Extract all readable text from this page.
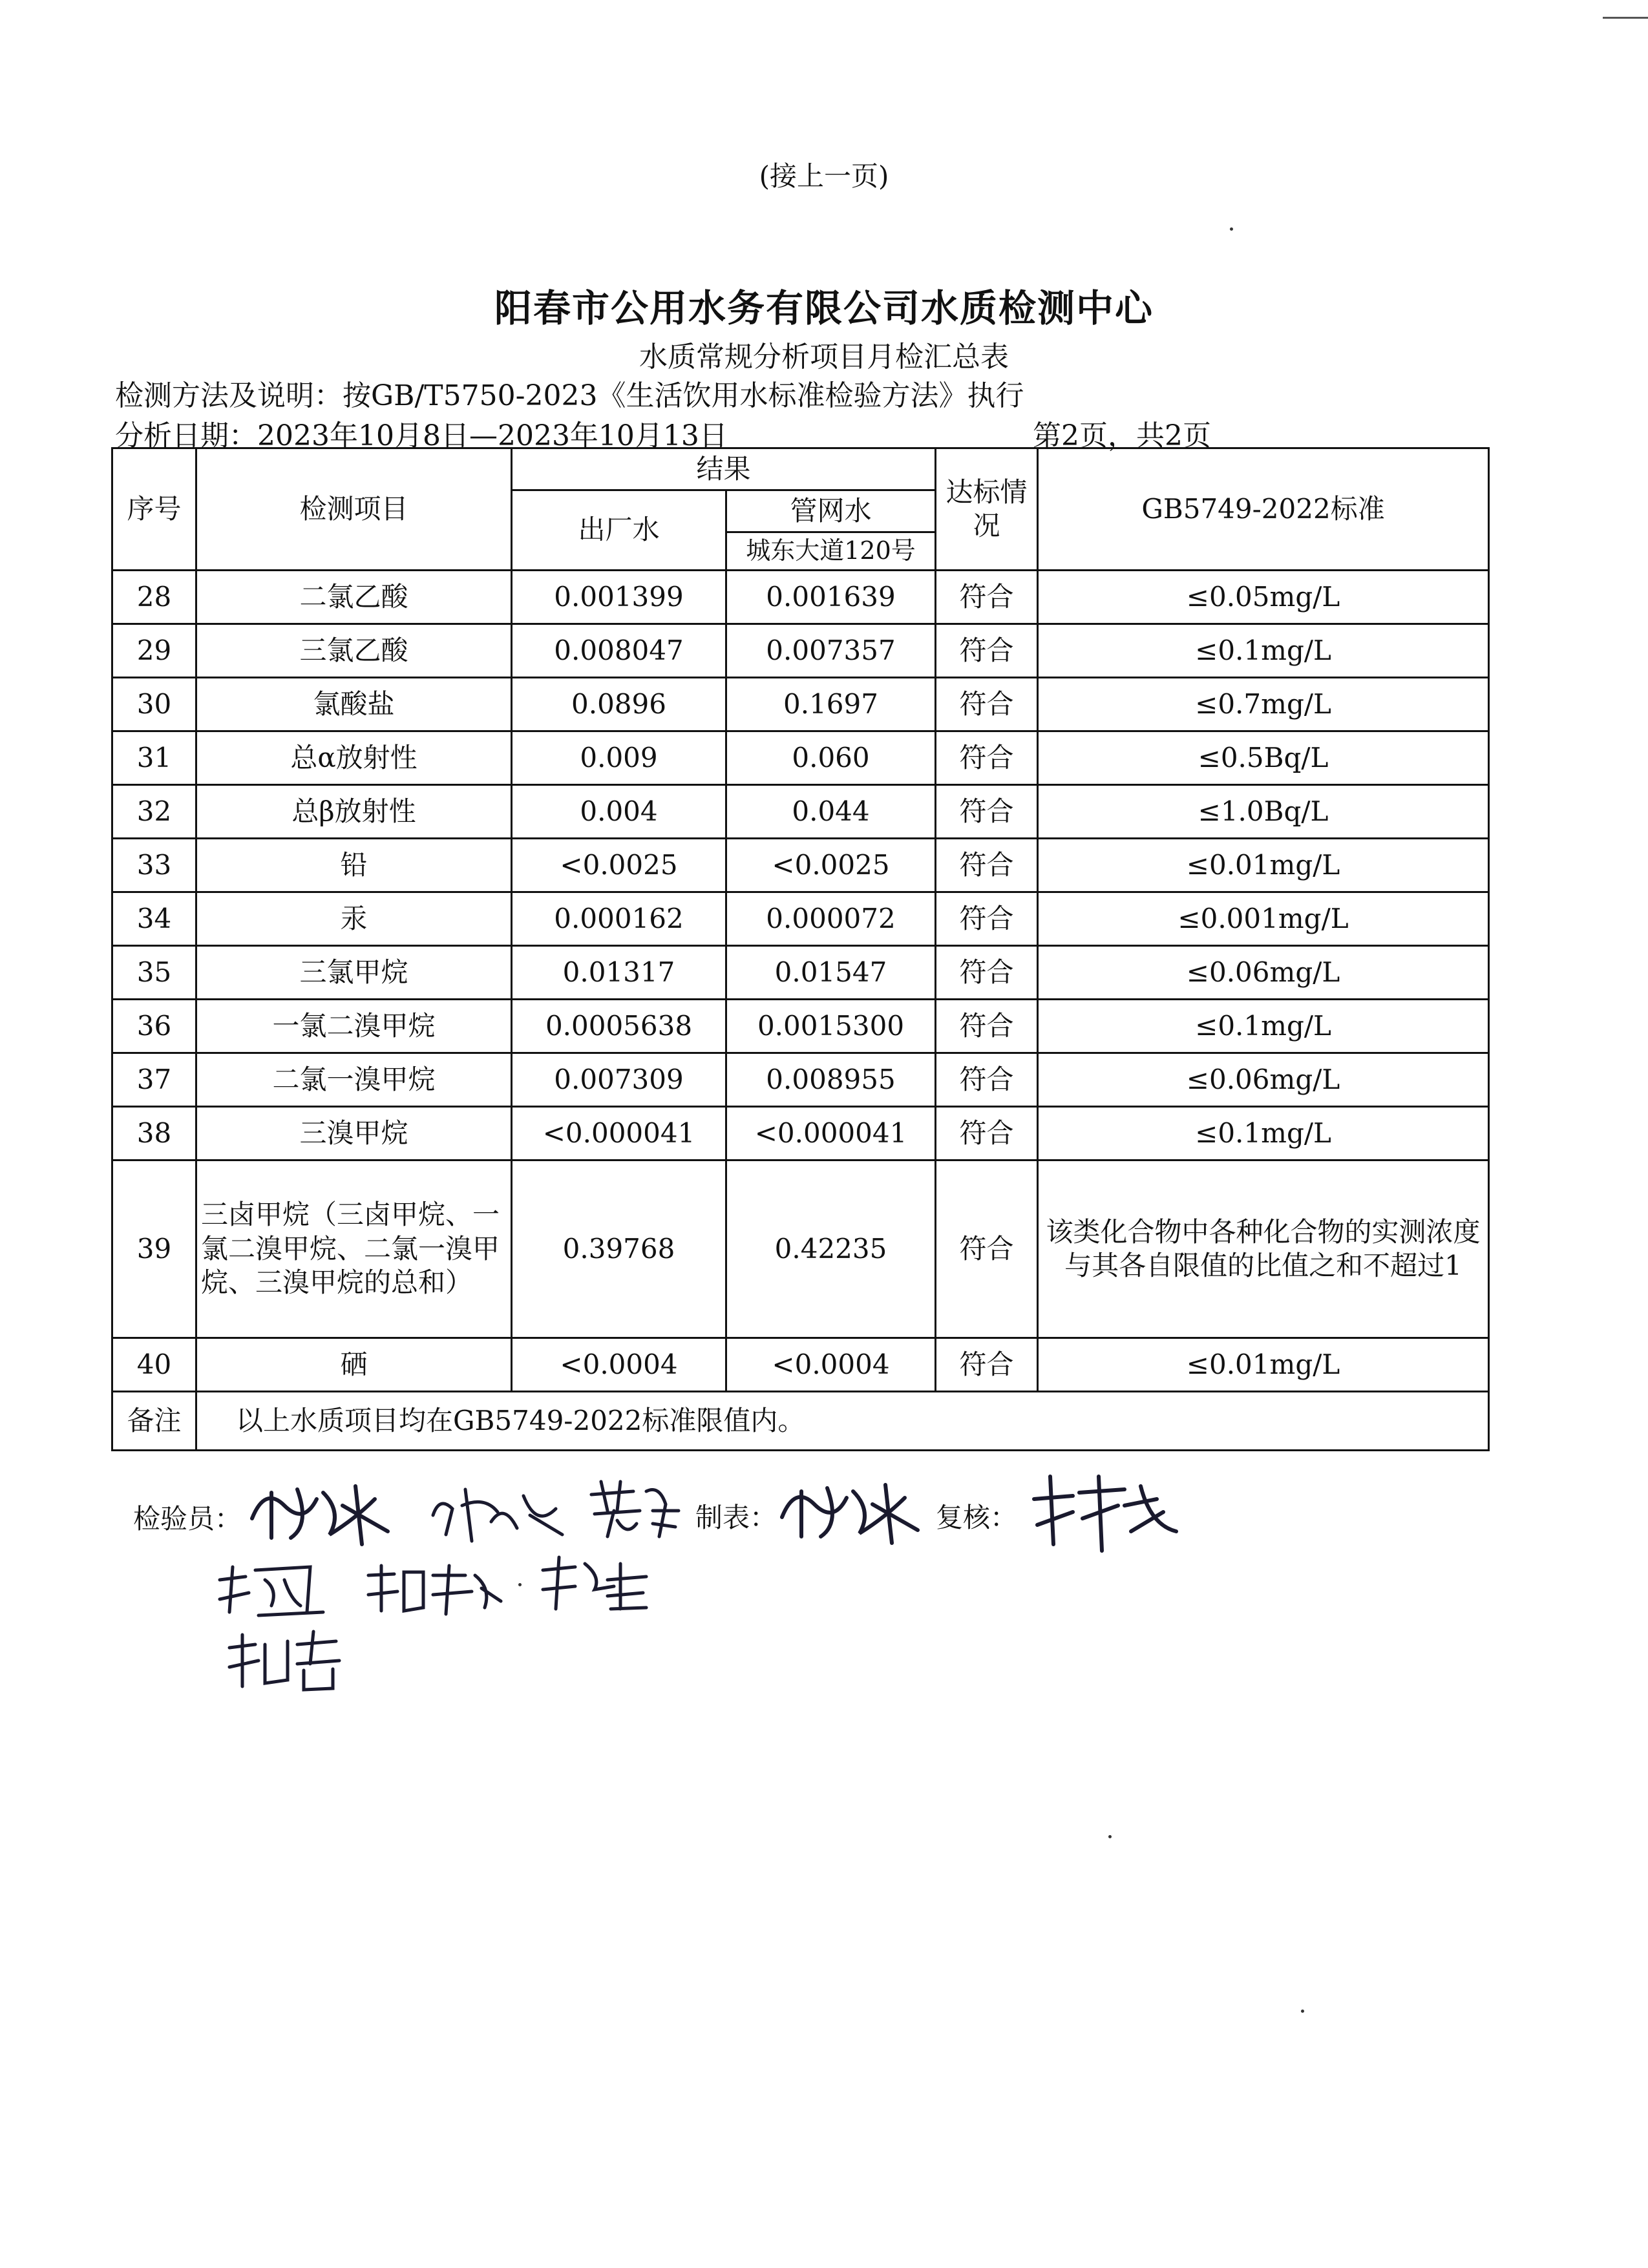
(接上一页)
阳春市公用水务有限公司水质检测中心
水质常规分析项目月检汇总表
检测方法及说明：按GB/T5750-2023《生活饮用水标准检验方法》执行
分析日期：2023年10月8日—2023年10月13日	第2页，共2页
序号	检测项目	结果		达标情况	GB5749-2022标准
		出厂水	管网水		
			城东大道120号		
28	二氯乙酸	0.001399	0.001639	符合	≤0.05mg/L
29	三氯乙酸	0.008047	0.007357	符合	≤0.1mg/L
30	氯酸盐	0.0896	0.1697	符合	≤0.7mg/L
31	总α放射性	0.009	0.060	符合	≤0.5Bq/L
32	总β放射性	0.004	0.044	符合	≤1.0Bq/L
33	铅	<0.0025	<0.0025	符合	≤0.01mg/L
34	汞	0.000162	0.000072	符合	≤0.001mg/L
35	三氯甲烷	0.01317	0.01547	符合	≤0.06mg/L
36	一氯二溴甲烷	0.0005638	0.0015300	符合	≤0.1mg/L
37	二氯一溴甲烷	0.007309	0.008955	符合	≤0.06mg/L
38	三溴甲烷	<0.000041	<0.000041	符合	≤0.1mg/L
39	三卤甲烷（三卤甲烷、一氯二溴甲烷、二氯一溴甲烷、三溴甲烷的总和）	0.39768	0.42235	符合	该类化合物中各种化合物的实测浓度与其各自限值的比值之和不超过1
40	硒	<0.0004	<0.0004	符合	≤0.01mg/L
备注	以上水质项目均在GB5749-2022标准限值内。				
检验员：	制表：	复核：
